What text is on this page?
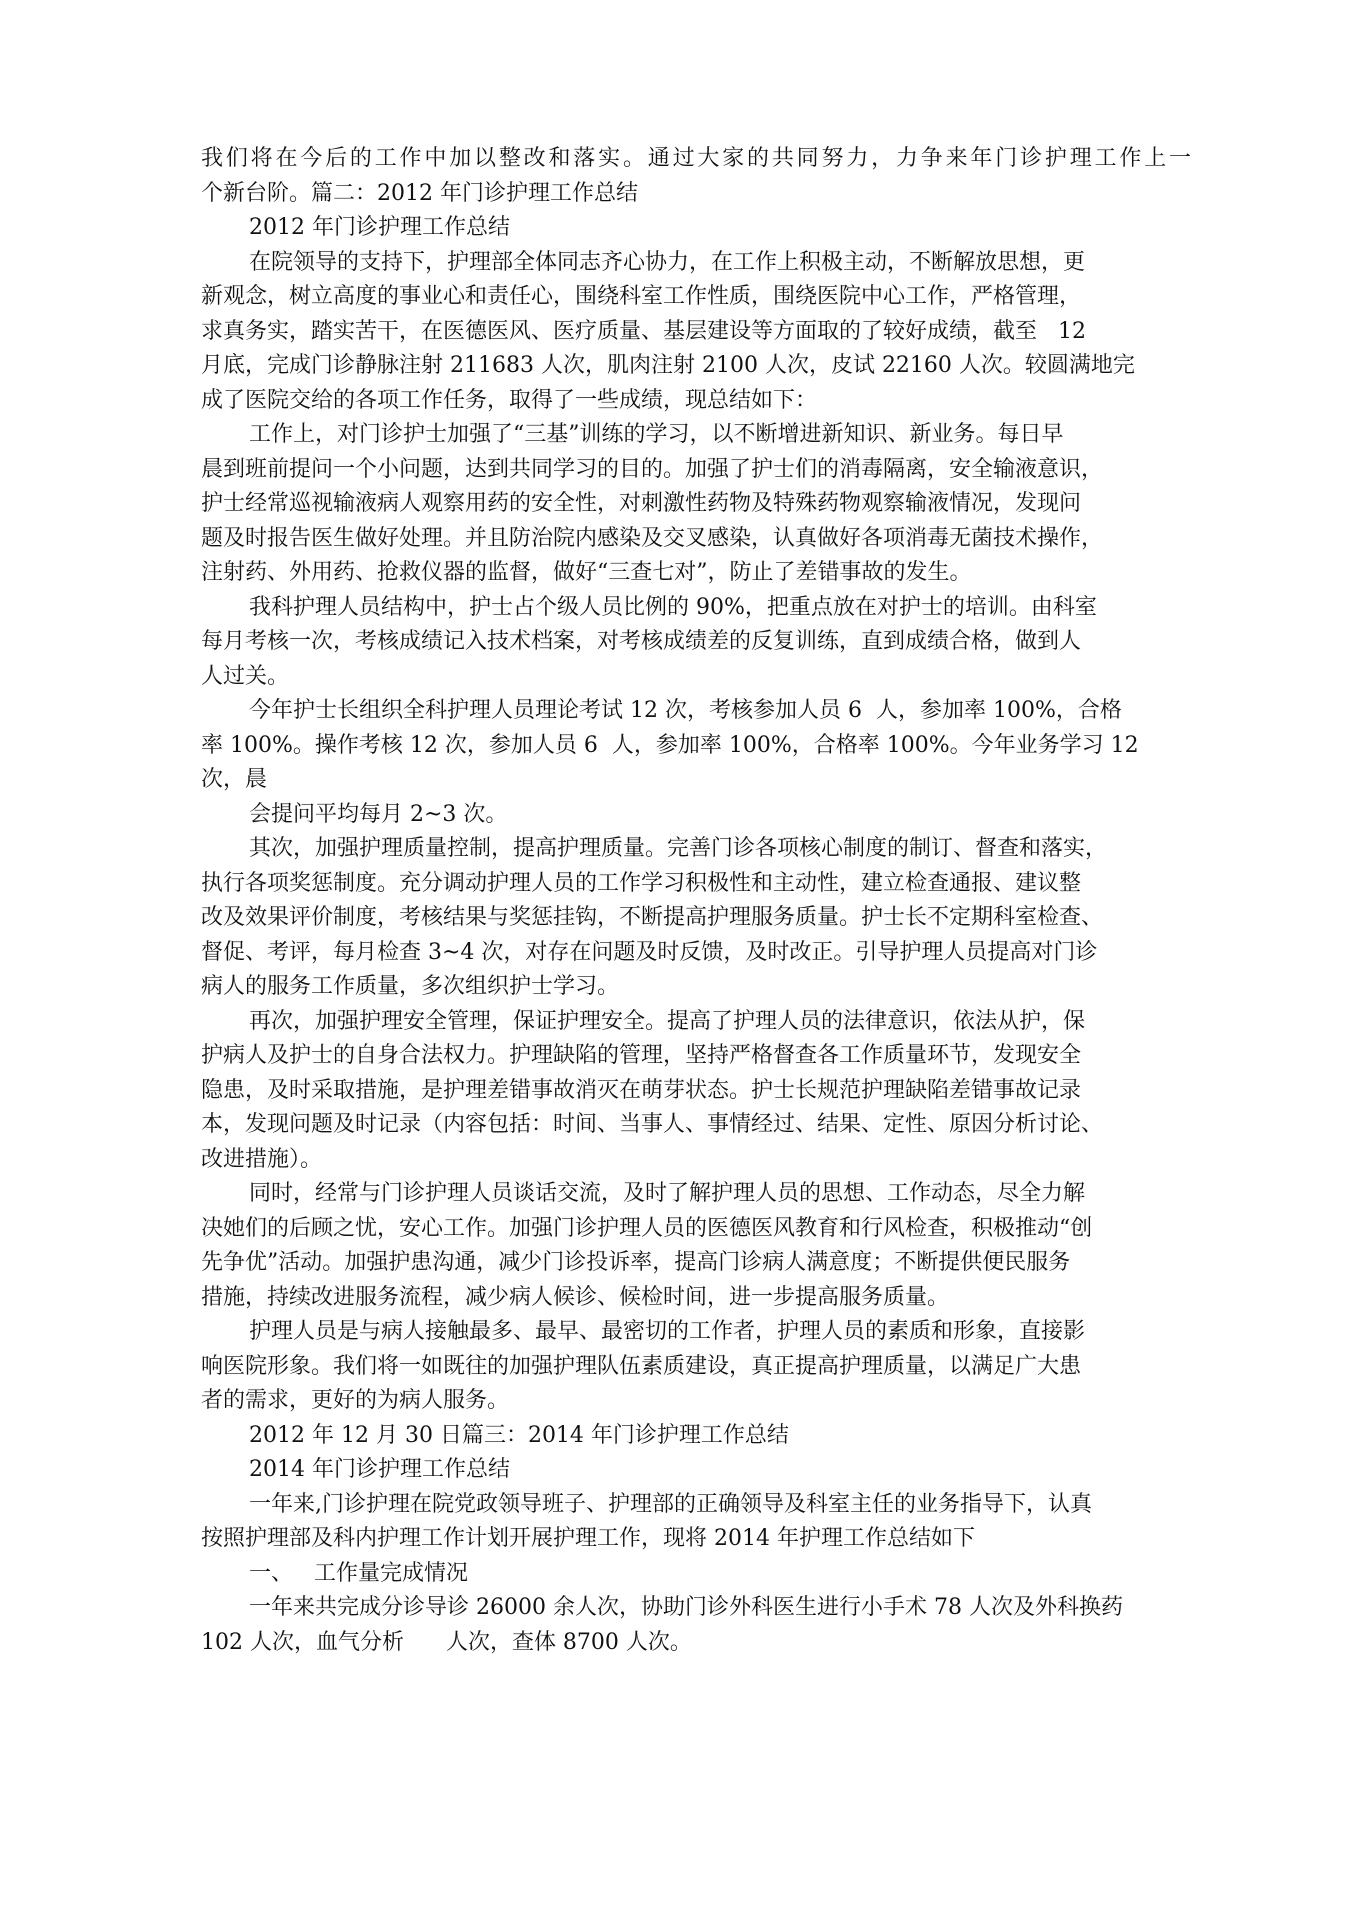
我们将在今后的工作中加以整改和落实。通过大家的共同努力，力争来年门诊护理工作上一
个新台阶。篇二：2012 年门诊护理工作总结
2012 年门诊护理工作总结
在院领导的支持下，护理部全体同志齐心协力，在工作上积极主动，不断解放思想，更
新观念，树立高度的事业心和责任心，围绕科室工作性质，围绕医院中心工作，严格管理，
求真务实，踏实苦干，在医德医风、医疗质量、基层建设等方面取的了较好成绩，截至   12
月底，完成门诊静脉注射 211683 人次，肌肉注射 2100 人次，皮试 22160 人次。较圆满地完
成了医院交给的各项工作任务，取得了一些成绩，现总结如下：
工作上，对门诊护士加强了“三基”训练的学习，以不断增进新知识、新业务。每日早
晨到班前提问一个小问题，达到共同学习的目的。加强了护士们的消毒隔离，安全输液意识，
护士经常巡视输液病人观察用药的安全性，对刺激性药物及特殊药物观察输液情况，发现问
题及时报告医生做好处理。并且防治院内感染及交叉感染，认真做好各项消毒无菌技术操作，
注射药、外用药、抢救仪器的监督，做好“三查七对”，防止了差错事故的发生。
我科护理人员结构中，护士占个级人员比例的 90%，把重点放在对护士的培训。由科室
每月考核一次，考核成绩记入技术档案，对考核成绩差的反复训练，直到成绩合格，做到人
人过关。
今年护士长组织全科护理人员理论考试 12 次，考核参加人员 6  人，参加率 100%，合格
率 100%。操作考核 12 次，参加人员 6  人，参加率 100%，合格率 100%。今年业务学习 12
次，晨
会提问平均每月 2~3 次。
其次，加强护理质量控制，提高护理质量。完善门诊各项核心制度的制订、督查和落实，
执行各项奖惩制度。充分调动护理人员的工作学习积极性和主动性，建立检查通报、建议整
改及效果评价制度，考核结果与奖惩挂钩，不断提高护理服务质量。护士长不定期科室检查、
督促、考评，每月检查 3~4 次，对存在问题及时反馈，及时改正。引导护理人员提高对门诊
病人的服务工作质量，多次组织护士学习。
再次，加强护理安全管理，保证护理安全。提高了护理人员的法律意识，依法从护，保
护病人及护士的自身合法权力。护理缺陷的管理，坚持严格督查各工作质量环节，发现安全
隐患，及时采取措施，是护理差错事故消灭在萌芽状态。护士长规范护理缺陷差错事故记录
本，发现问题及时记录（内容包括：时间、当事人、事情经过、结果、定性、原因分析讨论、
改进措施）。
同时，经常与门诊护理人员谈话交流，及时了解护理人员的思想、工作动态，尽全力解
决她们的后顾之忧，安心工作。加强门诊护理人员的医德医风教育和行风检查，积极推动“创
先争优”活动。加强护患沟通，减少门诊投诉率，提高门诊病人满意度；不断提供便民服务
措施，持续改进服务流程，减少病人候诊、候检时间，进一步提高服务质量。
护理人员是与病人接触最多、最早、最密切的工作者，护理人员的素质和形象，直接影
响医院形象。我们将一如既往的加强护理队伍素质建设，真正提高护理质量，以满足广大患
者的需求，更好的为病人服务。
2012 年 12 月 30 日篇三：2014 年门诊护理工作总结
2014 年门诊护理工作总结
一年来,门诊护理在院党政领导班子、护理部的正确领导及科室主任的业务指导下，认真
按照护理部及科内护理工作计划开展护理工作，现将 2014 年护理工作总结如下
一、   工作量完成情况
一年来共完成分诊导诊 26000 余人次，协助门诊外科医生进行小手术 78 人次及外科换药
102 人次，血气分析      人次，查体 8700 人次。
